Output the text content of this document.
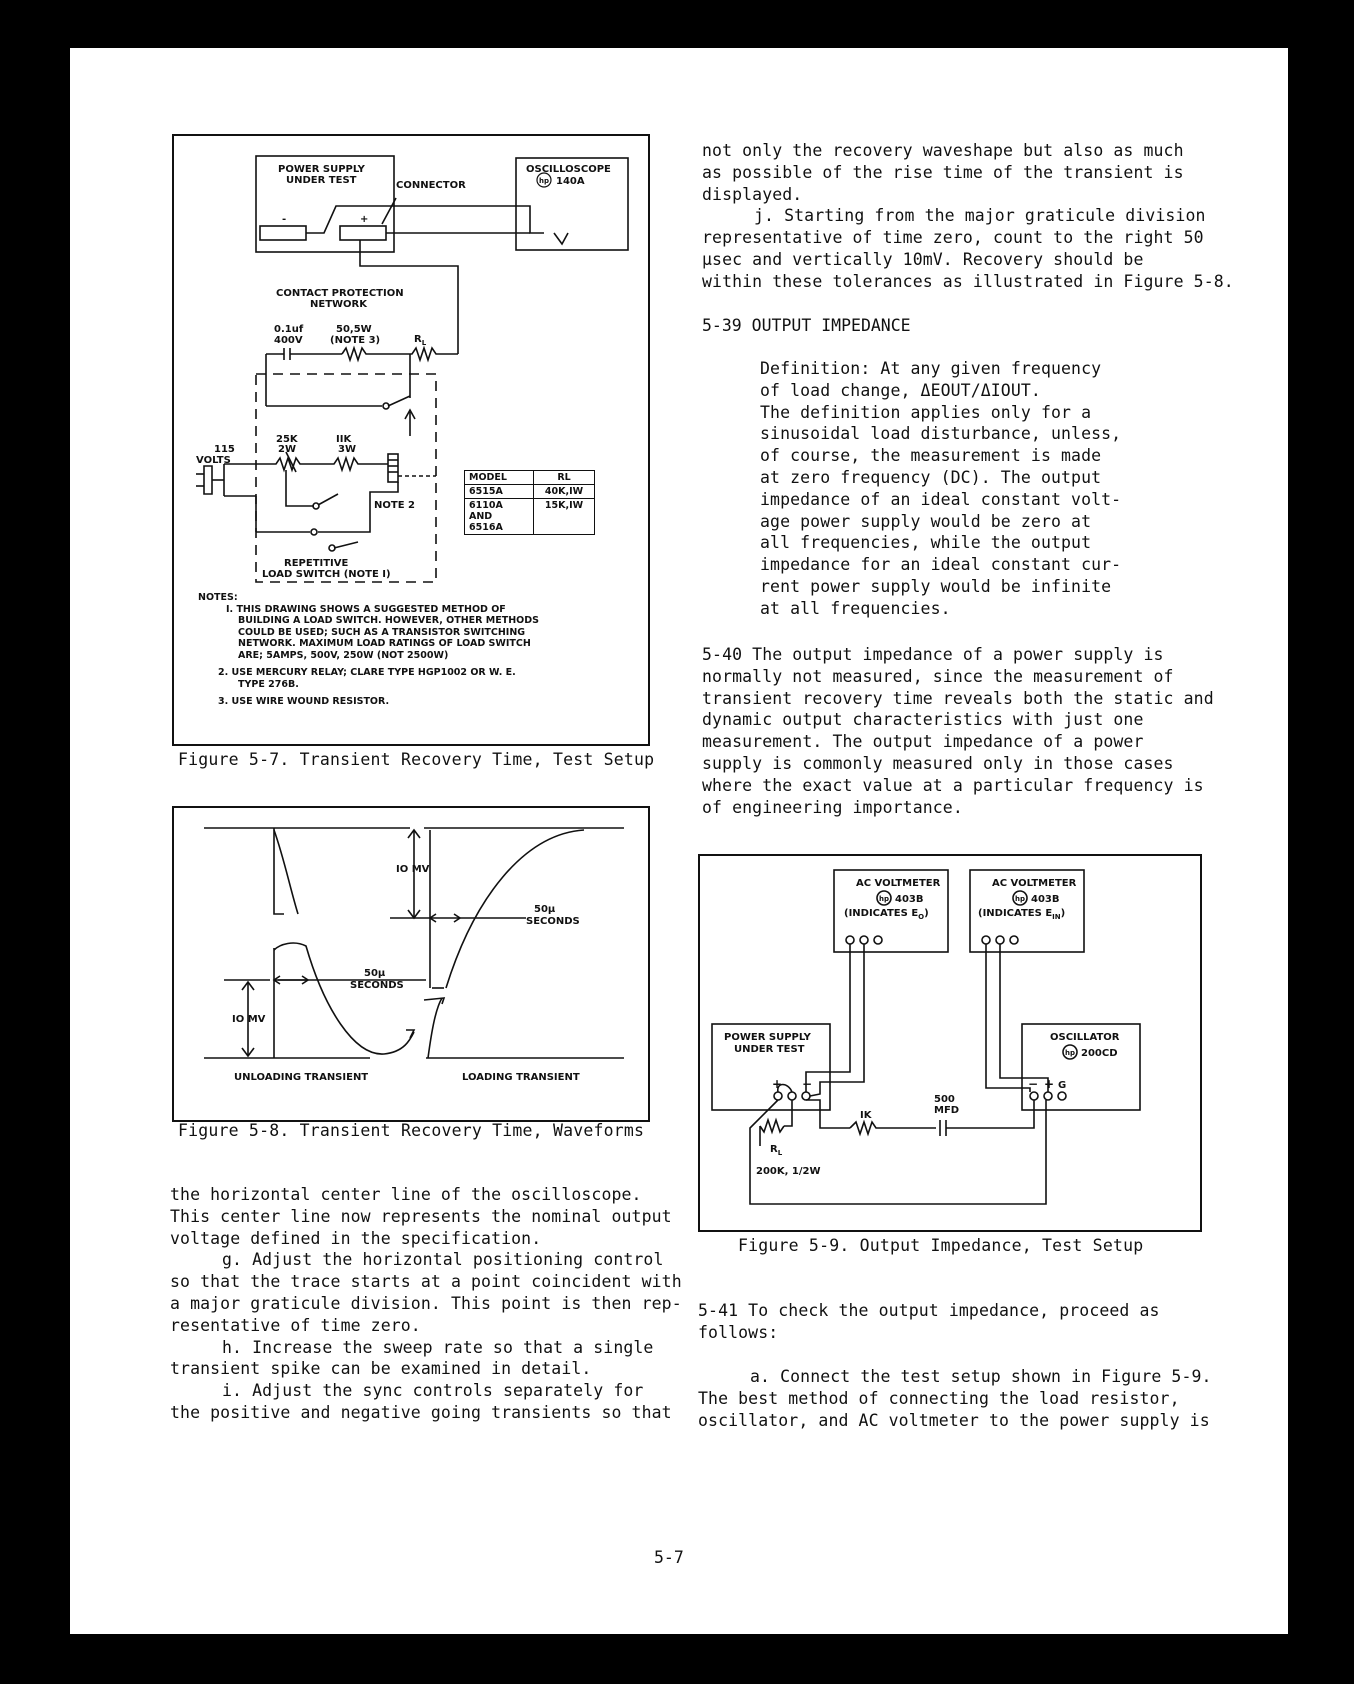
POWER SUPPLY
UNDER TEST	CONNECTOR
OSCILLOSCOPE
hp 140A
-	+
CONTACT PROTECTION
NETWORK
0.1uf
400V
50,5W
(NOTE 3)	$R_L$
25K
2W
IIK
3W
115
VOLTS
NOTE 2
REPETITIVE
LOAD SWITCH (NOTE I)
MODEL	RL
6515A	40K,IW
6110A AND 6516A	15K,IW

NOTES:

I. THIS DRAWING SHOWS A SUGGESTED METHOD OF

BUILDING A LOAD SWITCH. HOWEVER, OTHER METHODS

COULD BE USED; SUCH AS A TRANSISTOR SWITCHING

NETWORK. MAXIMUM LOAD RATINGS OF LOAD SWITCH

ARE; 5AMPS, 500V, 250W (NOT 2500W)

2. USE MERCURY RELAY; CLARE TYPE HGP1002 OR W. E.

TYPE 276B.

3. USE WIRE WOUND RESISTOR.

Figure 5-7. Transient Recovery Time, Test Setup
IO MV
50µ
SECONDS
50µ
SECONDS
IO MV
UNLOADING TRANSIENT	LOADING TRANSIENT
Figure 5-8. Transient Recovery Time, Waveforms

the horizontal center line of the oscilloscope.

This center line now represents the nominal output

voltage defined in the specification.

g. Adjust the horizontal positioning control

so that the trace starts at a point coincident with

a major graticule division. This point is then rep-

resentative of time zero.

h. Increase the sweep rate so that a single

transient spike can be examined in detail.

i. Adjust the sync controls separately for

the positive and negative going transients so that

not only the recovery waveshape but also as much

as possible of the rise time of the transient is

displayed.

j. Starting from the major graticule division

representative of time zero, count to the right 50

µsec and vertically 10mV. Recovery should be

within these tolerances as illustrated in Figure 5-8.

5-39 OUTPUT IMPEDANCE

Definition: At any given frequency

of load change, ΔEOUT/ΔIOUT.

The definition applies only for a

sinusoidal load disturbance, unless,

of course, the measurement is made

at zero frequency (DC). The output

impedance of an ideal constant volt-

age power supply would be zero at

all frequencies, while the output

impedance for an ideal constant cur-

rent power supply would be infinite

at all frequencies.

5-40 The output impedance of a power supply is

normally not measured, since the measurement of

transient recovery time reveals both the static and

dynamic output characteristics with just one

measurement. The output impedance of a power

supply is commonly measured only in those cases

where the exact value at a particular frequency is

of engineering importance.

AC VOLTMETER
hp 403B
(INDICATES $E_O$)
AC VOLTMETER
hp 403B
(INDICATES $E_{IN}$)
POWER SUPPLY
UNDER TEST
OSCILLATOR
hp 200CD
+ −	− + G
IK
500
MFD
$R_L$
200K, 1/2W
Figure 5-9. Output Impedance, Test Setup

5-41 To check the output impedance, proceed as

follows:

a. Connect the test setup shown in Figure 5-9.

The best method of connecting the load resistor,

oscillator, and AC voltmeter to the power supply is

5-7
